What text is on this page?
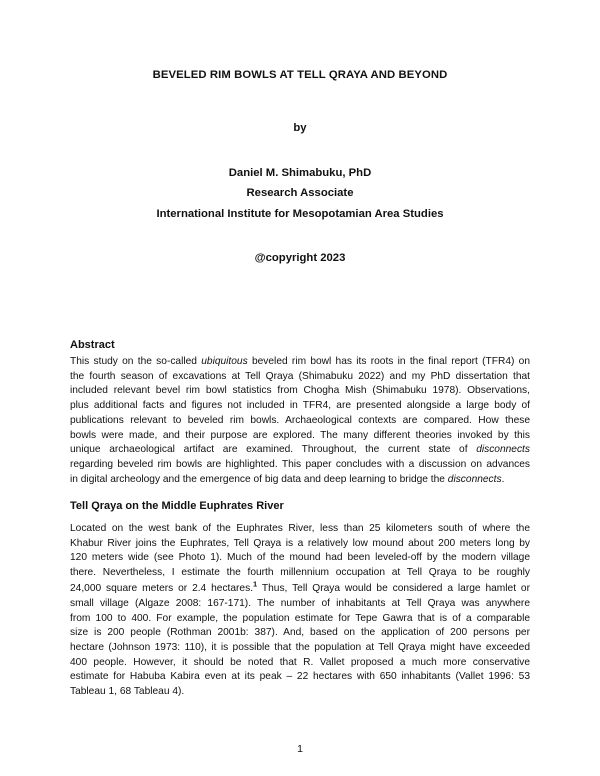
BEVELED RIM BOWLS AT TELL QRAYA AND BEYOND
by
Daniel M. Shimabuku, PhD
Research Associate
International Institute for Mesopotamian Area Studies
@copyright 2023
Abstract
This study on the so-called ubiquitous beveled rim bowl has its roots in the final report (TFR4) on
the fourth season of excavations at Tell Qraya (Shimabuku 2022) and my PhD dissertation that
included relevant bevel rim bowl statistics from Chogha Mish (Shimabuku 1978). Observations,
plus additional facts and figures not included in TFR4, are presented alongside a large body of
publications relevant to beveled rim bowls. Archaeological contexts are compared. How these
bowls were made, and their purpose are explored. The many different theories invoked by this
unique archaeological artifact are examined. Throughout, the current state of disconnects
regarding beveled rim bowls are highlighted. This paper concludes with a discussion on advances
in digital archeology and the emergence of big data and deep learning to bridge the disconnects.
Tell Qraya on the Middle Euphrates River
Located on the west bank of the Euphrates River, less than 25 kilometers south of where the
Khabur River joins the Euphrates, Tell Qraya is a relatively low mound about 200 meters long by
120 meters wide (see Photo 1). Much of the mound had been leveled-off by the modern village
there. Nevertheless, I estimate the fourth millennium occupation at Tell Qraya to be roughly
24,000 square meters or 2.4 hectares.$^1$ Thus, Tell Qraya would be considered a large hamlet or
small village (Algaze 2008: 167-171). The number of inhabitants at Tell Qraya was anywhere
from 100 to 400. For example, the population estimate for Tepe Gawra that is of a comparable
size is 200 people (Rothman 2001b: 387). And, based on the application of 200 persons per
hectare (Johnson 1973: 110), it is possible that the population at Tell Qraya might have exceeded
400 people. However, it should be noted that R. Vallet proposed a much more conservative
estimate for Habuba Kabira even at its peak – 22 hectares with 650 inhabitants (Vallet 1996: 53
Tableau 1, 68 Tableau 4).
1
